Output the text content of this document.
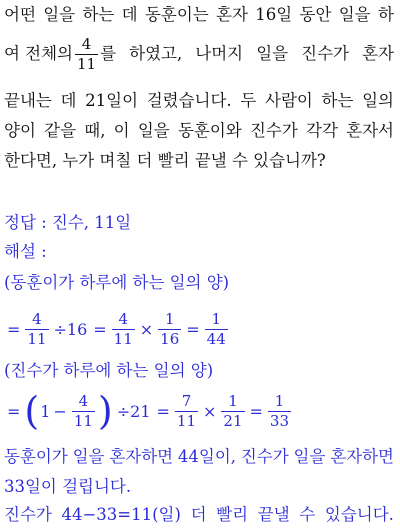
어떤 일을 하는 데 동훈이는 혼자 16일 동안 일을 하
여 전체의 $\frac{4}{11}$ 를 하였고, 나머지 일을 진수가 혼자
끝내는 데 21일이 걸렸습니다. 두 사람이 하는 일의
양이 같을 때, 이 일을 동훈이와 진수가 각각 혼자서
한다면, 누가 며칠 더 빨리 끝낼 수 있습니까?
정답 : 진수, 11일
해설 :
(동훈이가 하루에 하는 일의 양)
= $\frac{4}{11} \div 16 = \frac{4}{11} \times \frac{1}{16} = \frac{1}{44}$
(진수가 하루에 하는 일의 양)
= ( $1 - \frac{4}{11}$ ) $\div 21 = \frac{7}{11} \times \frac{1}{21} = \frac{1}{33}$
동훈이가 일을 혼자하면 44일이, 진수가 일을 혼자하면
33일이 걸립니다.
진수가 44−33=11(일) 더 빨리 끝낼 수 있습니다.
